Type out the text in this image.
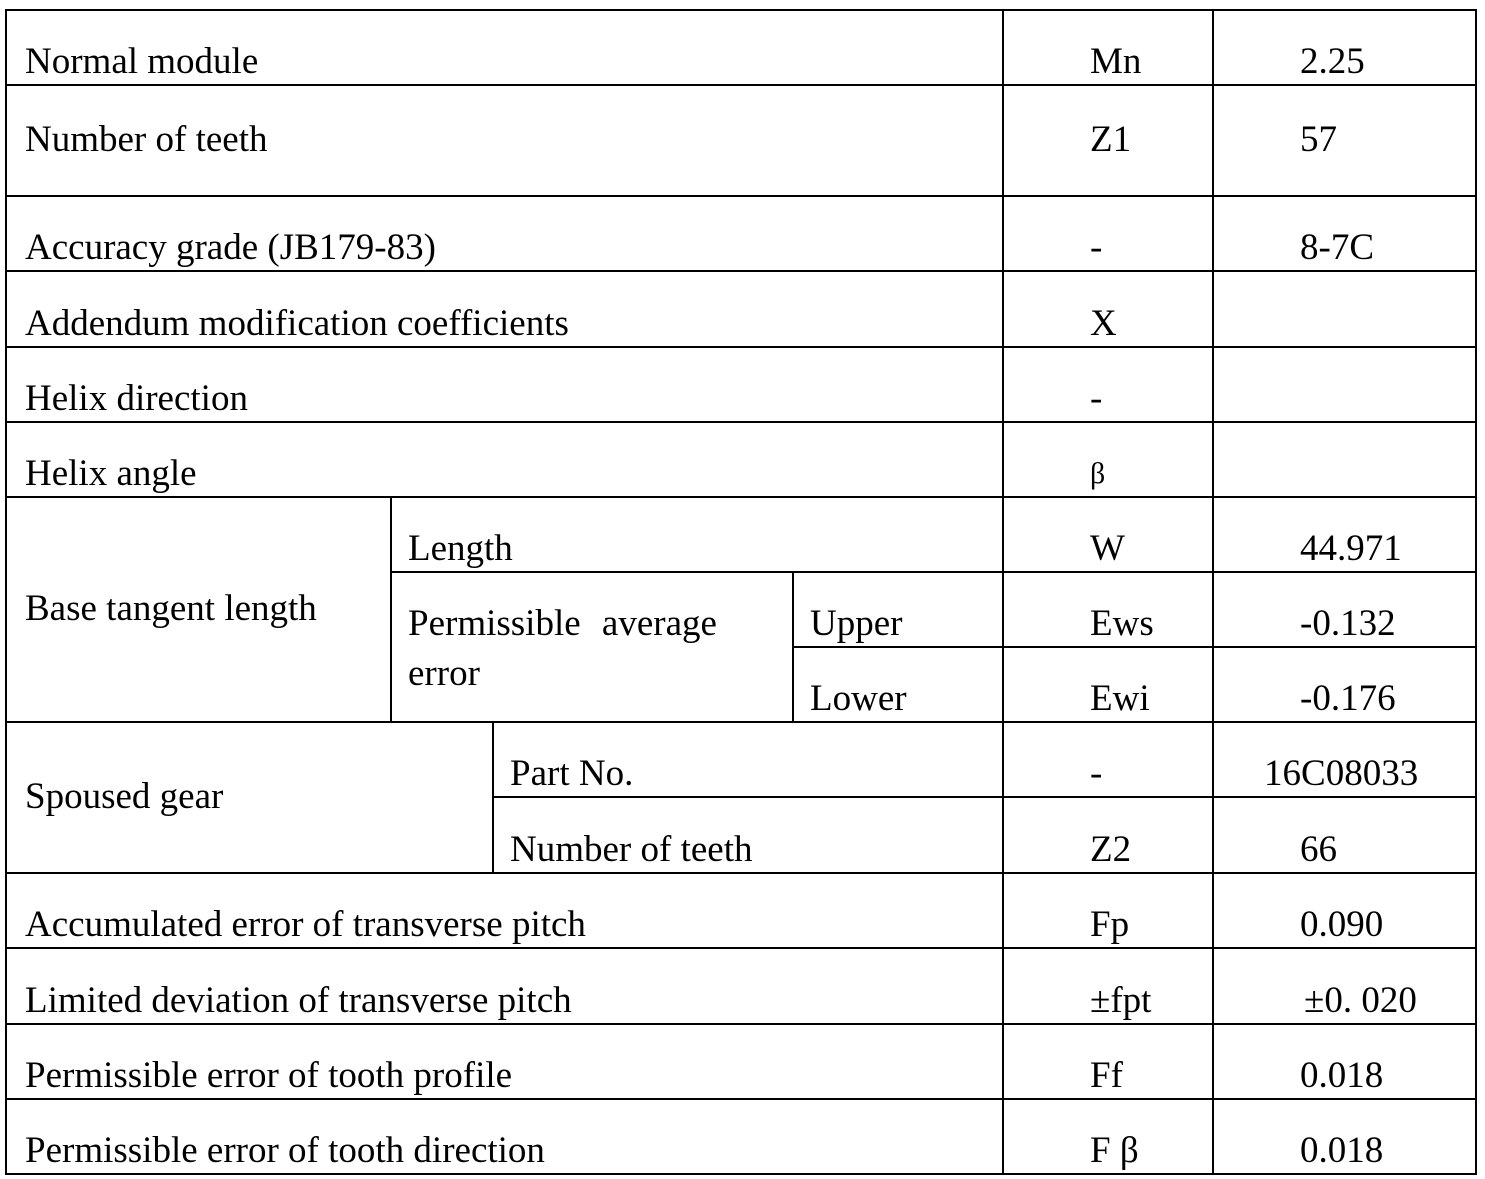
Normal module				Mn	2.25
Number of teeth				Z1	57
Accuracy grade (JB179-83)				-	8-7C
Addendum modification coefficients				X	
Helix direction				-	
Helix angle				β	
Base tangent length	Length			W	44.971
	Permissible average error		Upper	Ews	-0.132
			Lower	Ewi	-0.176
Spoused gear		Part No.		-	16C08033
		Number of teeth		Z2	66
Accumulated error of transverse pitch				Fp	0.090
Limited deviation of transverse pitch				±fpt	±0. 020
Permissible error of tooth profile				Ff	0.018
Permissible error of tooth direction				F β	0.018
